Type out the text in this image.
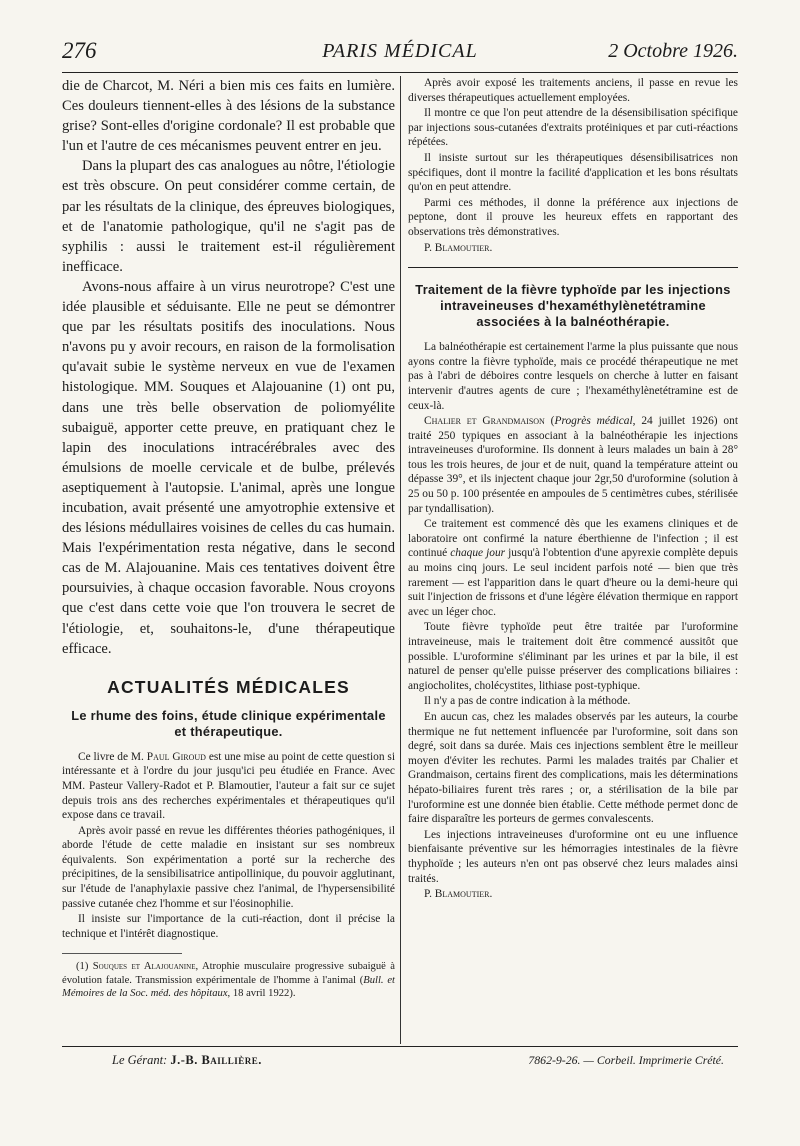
276	PARIS MÉDICAL	2 Octobre 1926.

die de Charcot, M. Néri a bien mis ces faits en lumière. Ces douleurs tiennent-elles à des lésions de la substance grise? Sont-elles d'origine cordonale? Il est probable que l'un et l'autre de ces mécanismes peuvent entrer en jeu.

Dans la plupart des cas analogues au nôtre, l'étiologie est très obscure. On peut considérer comme certain, de par les résultats de la clinique, des épreuves biologiques, et de l'anatomie pathologique, qu'il ne s'agit pas de syphilis : aussi le traitement est-il régulièrement inefficace.

Avons-nous affaire à un virus neurotrope? C'est une idée plausible et séduisante. Elle ne peut se démontrer que par les résultats positifs des inoculations. Nous n'avons pu y avoir recours, en raison de la formolisation qu'avait subie le système nerveux en vue de l'examen histologique. MM. Souques et Alajouanine (1) ont pu, dans une très belle observation de poliomyélite subaiguë, apporter cette preuve, en pratiquant chez le lapin des inoculations intracérébrales avec des émulsions de moelle cervicale et de bulbe, prélevés aseptiquement à l'autopsie. L'animal, après une longue incubation, avait présenté une amyotrophie extensive et des lésions médullaires voisines de celles du cas humain. Mais l'expérimentation resta négative, dans le second cas de M. Alajouanine. Mais ces tentatives doivent être poursuivies, à chaque occasion favorable. Nous croyons que c'est dans cette voie que l'on trouvera le secret de l'étiologie, et, souhaitons-le, d'une thérapeutique efficace.

ACTUALITÉS MÉDICALES
Le rhume des foins, étude clinique expérimentale et thérapeutique.

Ce livre de M. Paul Giroud est une mise au point de cette question si intéressante et à l'ordre du jour jusqu'ici peu étudiée en France. Avec MM. Pasteur Vallery-Radot et P. Blamoutier, l'auteur a fait sur ce sujet depuis trois ans des recherches expérimentales et thérapeutiques qu'il expose dans ce travail.

Après avoir passé en revue les différentes théories pathogéniques, il aborde l'étude de cette maladie en insistant sur ses nombreux équivalents. Son expérimentation a porté sur la recherche des précipitines, de la sensibilisatrice antipollinique, du pouvoir agglutinant, sur l'étude de l'anaphylaxie passive chez l'animal, de l'hypersensibilité passive cutanée chez l'homme et sur l'éosinophilie.

Il insiste sur l'importance de la cuti-réaction, dont il précise la technique et l'intérêt diagnostique.

(1) Souques et Alajouanine, Atrophie musculaire progressive subaiguë à évolution fatale. Transmission expérimentale de l'homme à l'animal (Bull. et Mémoires de la Soc. méd. des hôpitaux, 18 avril 1922).

Après avoir exposé les traitements anciens, il passe en revue les diverses thérapeutiques actuellement employées.

Il montre ce que l'on peut attendre de la désensibilisation spécifique par injections sous-cutanées d'extraits protéiniques et par cuti-réactions répétées.

Il insiste surtout sur les thérapeutiques désensibilisatrices non spécifiques, dont il montre la facilité d'application et les bons résultats qu'on en peut attendre.

Parmi ces méthodes, il donne la préférence aux injections de peptone, dont il prouve les heureux effets en rapportant des observations très démonstratives.

P. Blamoutier.

Traitement de la fièvre typhoïde par les injections intraveineuses d'hexaméthylènetétramine associées à la balnéothérapie.

La balnéothérapie est certainement l'arme la plus puissante que nous ayons contre la fièvre typhoïde, mais ce procédé thérapeutique ne met pas à l'abri de déboires contre lesquels on cherche à lutter en faisant intervenir d'autres agents de cure ; l'hexaméthylènetétramine est de ceux-là.

Chalier et Grandmaison (Progrès médical, 24 juillet 1926) ont traité 250 typiques en associant à la balnéothérapie les injections intraveineuses d'uroformine. Ils donnent à leurs malades un bain à 28° tous les trois heures, de jour et de nuit, quand la température atteint ou dépasse 39°, et ils injectent chaque jour 2gr,50 d'uroformine (solution à 25 ou 50 p. 100 présentée en ampoules de 5 centimètres cubes, stérilisée par tyndallisation).

Ce traitement est commencé dès que les examens cliniques et de laboratoire ont confirmé la nature éberthienne de l'infection ; il est continué chaque jour jusqu'à l'obtention d'une apyrexie complète depuis au moins cinq jours. Le seul incident parfois noté — bien que très rarement — est l'apparition dans le quart d'heure ou la demi-heure qui suit l'injection de frissons et d'une légère élévation thermique en rapport avec un léger choc.

Toute fièvre typhoïde peut être traitée par l'uroformine intraveineuse, mais le traitement doit être commencé aussitôt que possible. L'uroformine s'éliminant par les urines et par la bile, il est naturel de penser qu'elle puisse préserver des complications biliaires : angiocholites, cholécystites, lithiase post-typhique.

Il n'y a pas de contre indication à la méthode.

En aucun cas, chez les malades observés par les auteurs, la courbe thermique ne fut nettement influencée par l'uroformine, soit dans son degré, soit dans sa durée. Mais ces injections semblent être le meilleur moyen d'éviter les rechutes. Parmi les malades traités par Chalier et Grandmaison, certains firent des complications, mais les déterminations hépato-biliaires furent très rares ; or, a stérilisation de la bile par l'uroformine est une donnée bien établie. Cette méthode permet donc de faire disparaître les porteurs de germes convalescents.

Les injections intraveineuses d'uroformine ont eu une influence bienfaisante préventive sur les hémorragies intestinales de la fièvre thyphoïde ; les auteurs n'en ont pas observé chez leurs malades ainsi traités.

P. Blamoutier.

Le Gérant: J.-B. Baillière.	7862-9-26. — Corbeil. Imprimerie Crété.
